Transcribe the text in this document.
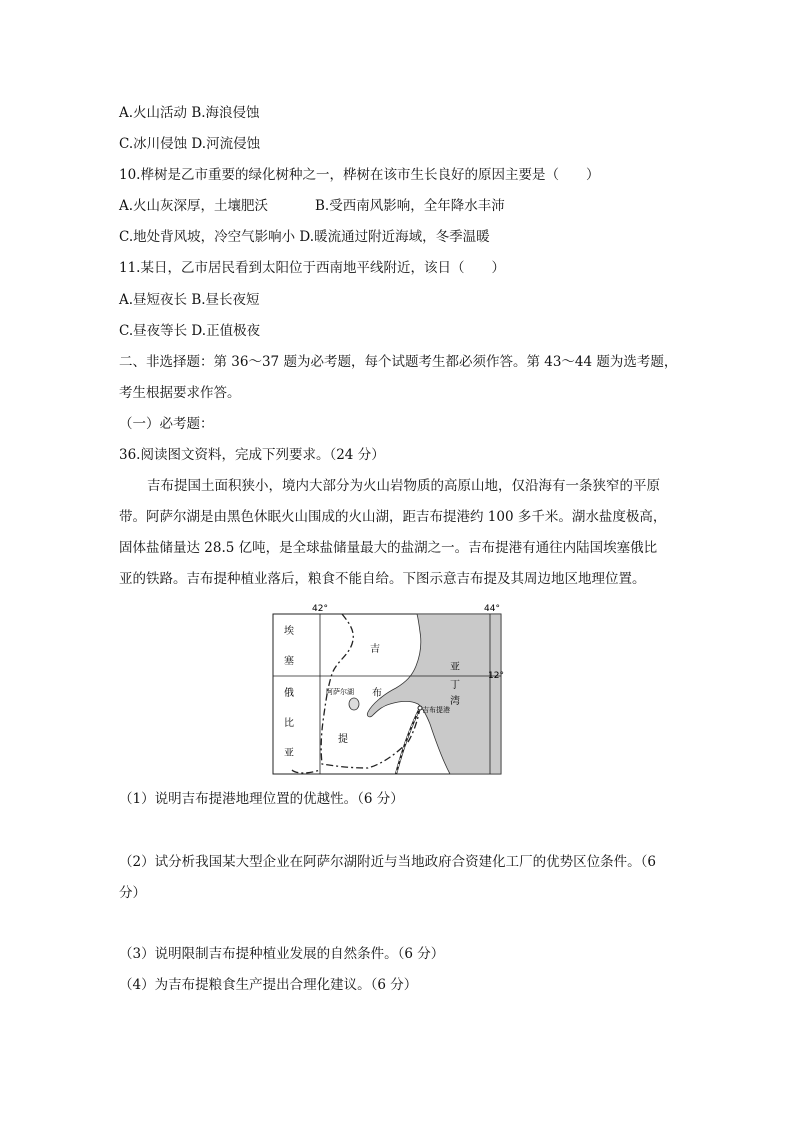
A.火山活动 B.海浪侵蚀
C.冰川侵蚀 D.河流侵蚀
10.桦树是乙市重要的绿化树种之一，桦树在该市生长良好的原因主要是（　　）
A.火山灰深厚，土壤肥沃	B.受西南风影响，全年降水丰沛
C.地处背风坡，冷空气影响小 D.暖流通过附近海域，冬季温暖
11.某日，乙市居民看到太阳位于西南地平线附近，该日（　　）
A.昼短夜长 B.昼长夜短
C.昼夜等长 D.正值极夜
二、非选择题：第 36～37 题为必考题，每个试题考生都必须作答。第 43～44 题为选考题，
考生根据要求作答。
（一）必考题：
36.阅读图文资料，完成下列要求。（24 分）
吉布提国土面积狭小，境内大部分为火山岩物质的高原山地，仅沿海有一条狭窄的平原
带。阿萨尔湖是由黑色休眠火山围成的火山湖，距吉布提港约 100 多千米。湖水盐度极高，
固体盐储量达 28.5 亿吨，是全球盐储量最大的盐湖之一。吉布提港有通往内陆国埃塞俄比
亚的铁路。吉布提种植业落后，粮食不能自给。下图示意吉布提及其周边地区地理位置。
42°	44°
12°
埃
塞
俄
比
亚
吉
布
提
亚
丁
湾
阿萨尔湖
吉布提港
（1）说明吉布提港地理位置的优越性。（6 分）
（2）试分析我国某大型企业在阿萨尔湖附近与当地政府合资建化工厂的优势区位条件。（6
分）
（3）说明限制吉布提种植业发展的自然条件。（6 分）
（4）为吉布提粮食生产提出合理化建议。（6 分）
